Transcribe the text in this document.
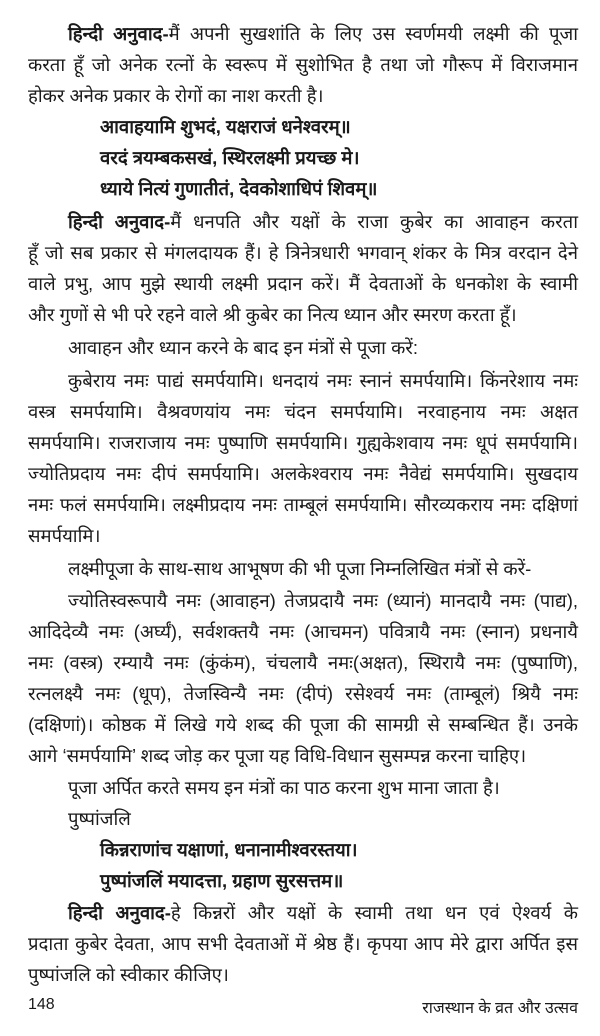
हिन्दी अनुवाद-मैं अपनी सुखशांति के लिए उस स्वर्णमयी लक्ष्मी की पूजा
करता हूँ जो अनेक रत्नों के स्वरूप में सुशोभित है तथा जो गौरूप में विराजमान
होकर अनेक प्रकार के रोगों का नाश करती है।
आवाहयामि शुभदं, यक्षराजं धनेश्वरम्॥
वरदं त्रयम्बकसखं, स्थिरलक्ष्मी प्रयच्छ मे।
ध्याये नित्यं गुणातीतं, देवकोशाधिपं शिवम्॥
हिन्दी अनुवाद-मैं धनपति और यक्षों के राजा कुबेर का आवाहन करता
हूँ जो सब प्रकार से मंगलदायक हैं। हे त्रिनेत्रधारी भगवान् शंकर के मित्र वरदान देने
वाले प्रभु, आप मुझे स्थायी लक्ष्मी प्रदान करें। मैं देवताओं के धनकोश के स्वामी
और गुणों से भी परे रहने वाले श्री कुबेर का नित्य ध्यान और स्मरण करता हूँ।
आवाहन और ध्यान करने के बाद इन मंत्रों से पूजा करें:
कुबेराय नमः पाद्यं समर्पयामि। धनदायं नमः स्नानं समर्पयामि। किंनरेशाय नमः
वस्त्र समर्पयामि। वैश्रवणयांय नमः चंदन समर्पयामि। नरवाहनाय नमः अक्षत
समर्पयामि। राजराजाय नमः पुष्पाणि समर्पयामि। गुह्यकेशवाय नमः धूपं समर्पयामि।
ज्योतिप्रदाय नमः दीपं समर्पयामि। अलकेश्वराय नमः नैवेद्यं समर्पयामि। सुखदाय
नमः फलं समर्पयामि। लक्ष्मीप्रदाय नमः ताम्बूलं समर्पयामि। सौरव्यकराय नमः दक्षिणां
समर्पयामि।
लक्ष्मीपूजा के साथ-साथ आभूषण की भी पूजा निम्नलिखित मंत्रों से करें-
ज्योतिस्वरूपायै नमः (आवाहन) तेजप्रदायै नमः (ध्यानं) मानदायै नमः (पाद्य),
आदिदेव्यै नमः (अर्घ्यं), सर्वशक्तयै नमः (आचमन) पवित्रायै नमः (स्नान) प्रधनायै
नमः (वस्त्र) रम्यायै नमः (कुंकंम), चंचलायै नमः(अक्षत), स्थिरायै नमः (पुष्पाणि),
रत्नलक्ष्यै नमः (धूप), तेजस्विन्यै नमः (दीपं) रसेश्वर्य नमः (ताम्बूलं) श्रियै नमः
(दक्षिणां)। कोष्ठक में लिखे गये शब्द की पूजा की सामग्री से सम्बन्धित हैं। उनके
आगे ‘समर्पयामि’ शब्द जोड़ कर पूजा यह विधि-विधान सुसम्पन्न करना चाहिए।
पूजा अर्पित करते समय इन मंत्रों का पाठ करना शुभ माना जाता है।
पुष्पांजलि
किन्नराणांच यक्षाणां, धनानामीश्वरस्तया।
पुष्पांजलिं मयादत्ता, ग्रहाण सुरसत्तम॥
हिन्दी अनुवाद-हे किन्नरों और यक्षों के स्वामी तथा धन एवं ऐश्वर्य के
प्रदाता कुबेर देवता, आप सभी देवताओं में श्रेष्ठ हैं। कृपया आप मेरे द्वारा अर्पित इस
पुष्पांजलि को स्वीकार कीजिए।
148	राजस्थान के व्रत और उत्सव
